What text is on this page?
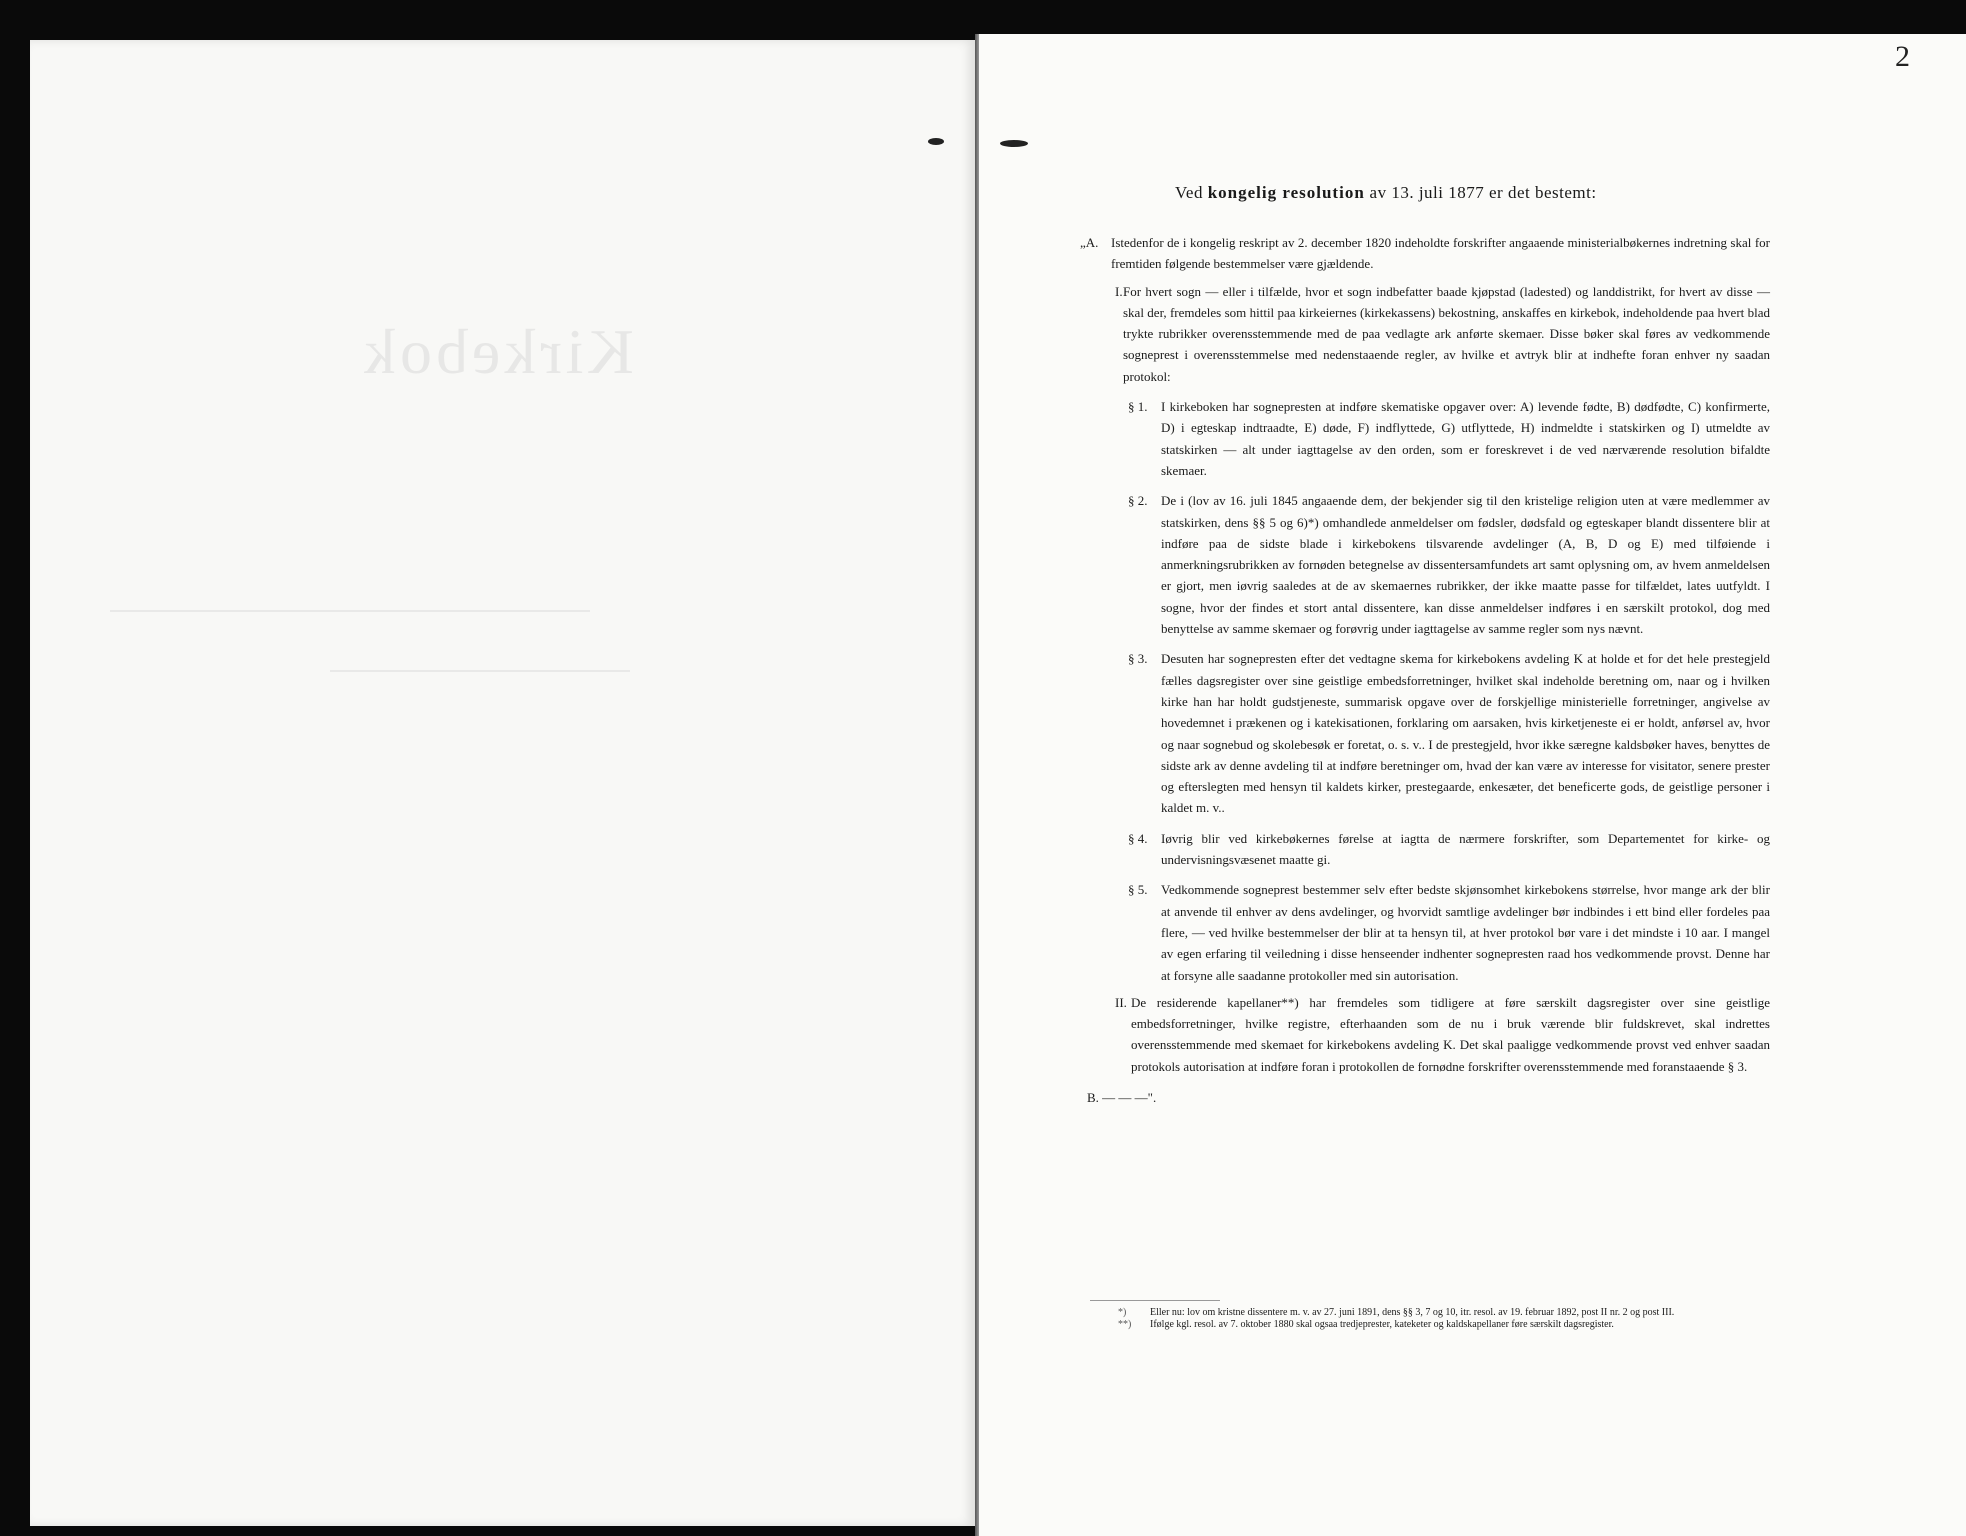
Kirkebok
2
Ved kongelig resolution av 13. juli 1877 er det bestemt:
„A. Istedenfor de i kongelig reskript av 2. december 1820 indeholdte forskrifter angaaende ministerialbøkernes indretning skal for fremtiden følgende bestemmelser være gjældende.
I. For hvert sogn — eller i tilfælde, hvor et sogn indbefatter baade kjøpstad (ladested) og landdistrikt, for hvert av disse — skal der, fremdeles som hittil paa kirkeiernes (kirkekassens) bekostning, anskaffes en kirkebok, indeholdende paa hvert blad trykte rubrikker overensstemmende med de paa vedlagte ark anførte skemaer. Disse bøker skal føres av vedkommende sogneprest i overensstemmelse med nedenstaaende regler, av hvilke et avtryk blir at indhefte foran enhver ny saadan protokol:
§ 1.	I kirkeboken har sognepresten at indføre skematiske opgaver over: A) levende fødte, B) dødfødte, C) konfirmerte, D) i egteskap indtraadte, E) døde, F) indflyttede, G) utflyttede, H) indmeldte i statskirken og I) utmeldte av statskirken — alt under iagttagelse av den orden, som er foreskrevet i de ved nærværende resolution bifaldte skemaer.
§ 2.	De i (lov av 16. juli 1845 angaaende dem, der bekjender sig til den kristelige religion uten at være medlemmer av statskirken, dens §§ 5 og 6)*) omhandlede anmeldelser om fødsler, dødsfald og egteskaper blandt dissentere blir at indføre paa de sidste blade i kirkebokens tilsvarende avdelinger (A, B, D og E) med tilføiende i anmerkningsrubrikken av fornøden betegnelse av dissentersamfundets art samt oplysning om, av hvem anmeldelsen er gjort, men iøvrig saaledes at de av skemaernes rubrikker, der ikke maatte passe for tilfældet, lates uutfyldt. I sogne, hvor der findes et stort antal dissentere, kan disse anmeldelser indføres i en særskilt protokol, dog med benyttelse av samme skemaer og forøvrig under iagttagelse av samme regler som nys nævnt.
§ 3.	Desuten har sognepresten efter det vedtagne skema for kirkebokens avdeling K at holde et for det hele prestegjeld fælles dagsregister over sine geistlige embedsforretninger, hvilket skal indeholde beretning om, naar og i hvilken kirke han har holdt gudstjeneste, summarisk opgave over de forskjellige ministerielle forretninger, angivelse av hovedemnet i prækenen og i katekisationen, forklaring om aarsaken, hvis kirketjeneste ei er holdt, anførsel av, hvor og naar sognebud og skolebesøk er foretat, o. s. v.. I de prestegjeld, hvor ikke særegne kaldsbøker haves, benyttes de sidste ark av denne avdeling til at indføre beretninger om, hvad der kan være av interesse for visitator, senere prester og efterslegten med hensyn til kaldets kirker, prestegaarde, enkesæter, det beneficerte gods, de geistlige personer i kaldet m. v..
§ 4.	Iøvrig blir ved kirkebøkernes førelse at iagtta de nærmere forskrifter, som Departementet for kirke- og undervisningsvæsenet maatte gi.
§ 5.	Vedkommende sogneprest bestemmer selv efter bedste skjønsomhet kirkebokens størrelse, hvor mange ark der blir at anvende til enhver av dens avdelinger, og hvorvidt samtlige avdelinger bør indbindes i ett bind eller fordeles paa flere, — ved hvilke bestemmelser der blir at ta hensyn til, at hver protokol bør vare i det mindste i 10 aar. I mangel av egen erfaring til veiledning i disse henseender indhenter sognepresten raad hos vedkommende provst. Denne har at forsyne alle saadanne protokoller med sin autorisation.
II. De residerende kapellaner**) har fremdeles som tidligere at føre særskilt dagsregister over sine geistlige embedsforretninger, hvilke registre, efterhaanden som de nu i bruk værende blir fuldskrevet, skal indrettes overensstemmende med skemaet for kirkebokens avdeling K. Det skal paaligge vedkommende provst ved enhver saadan protokols autorisation at indføre foran i protokollen de fornødne forskrifter overensstemmende med foranstaaende § 3.
B. — — —".

*) Eller nu: lov om kristne dissentere m. v. av 27. juni 1891, dens §§ 3, 7 og 10, itr. resol. av 19. februar 1892, post II nr. 2 og post III.

**) Ifølge kgl. resol. av 7. oktober 1880 skal ogsaa tredjeprester, kateketer og kaldskapellaner føre særskilt dagsregister.
